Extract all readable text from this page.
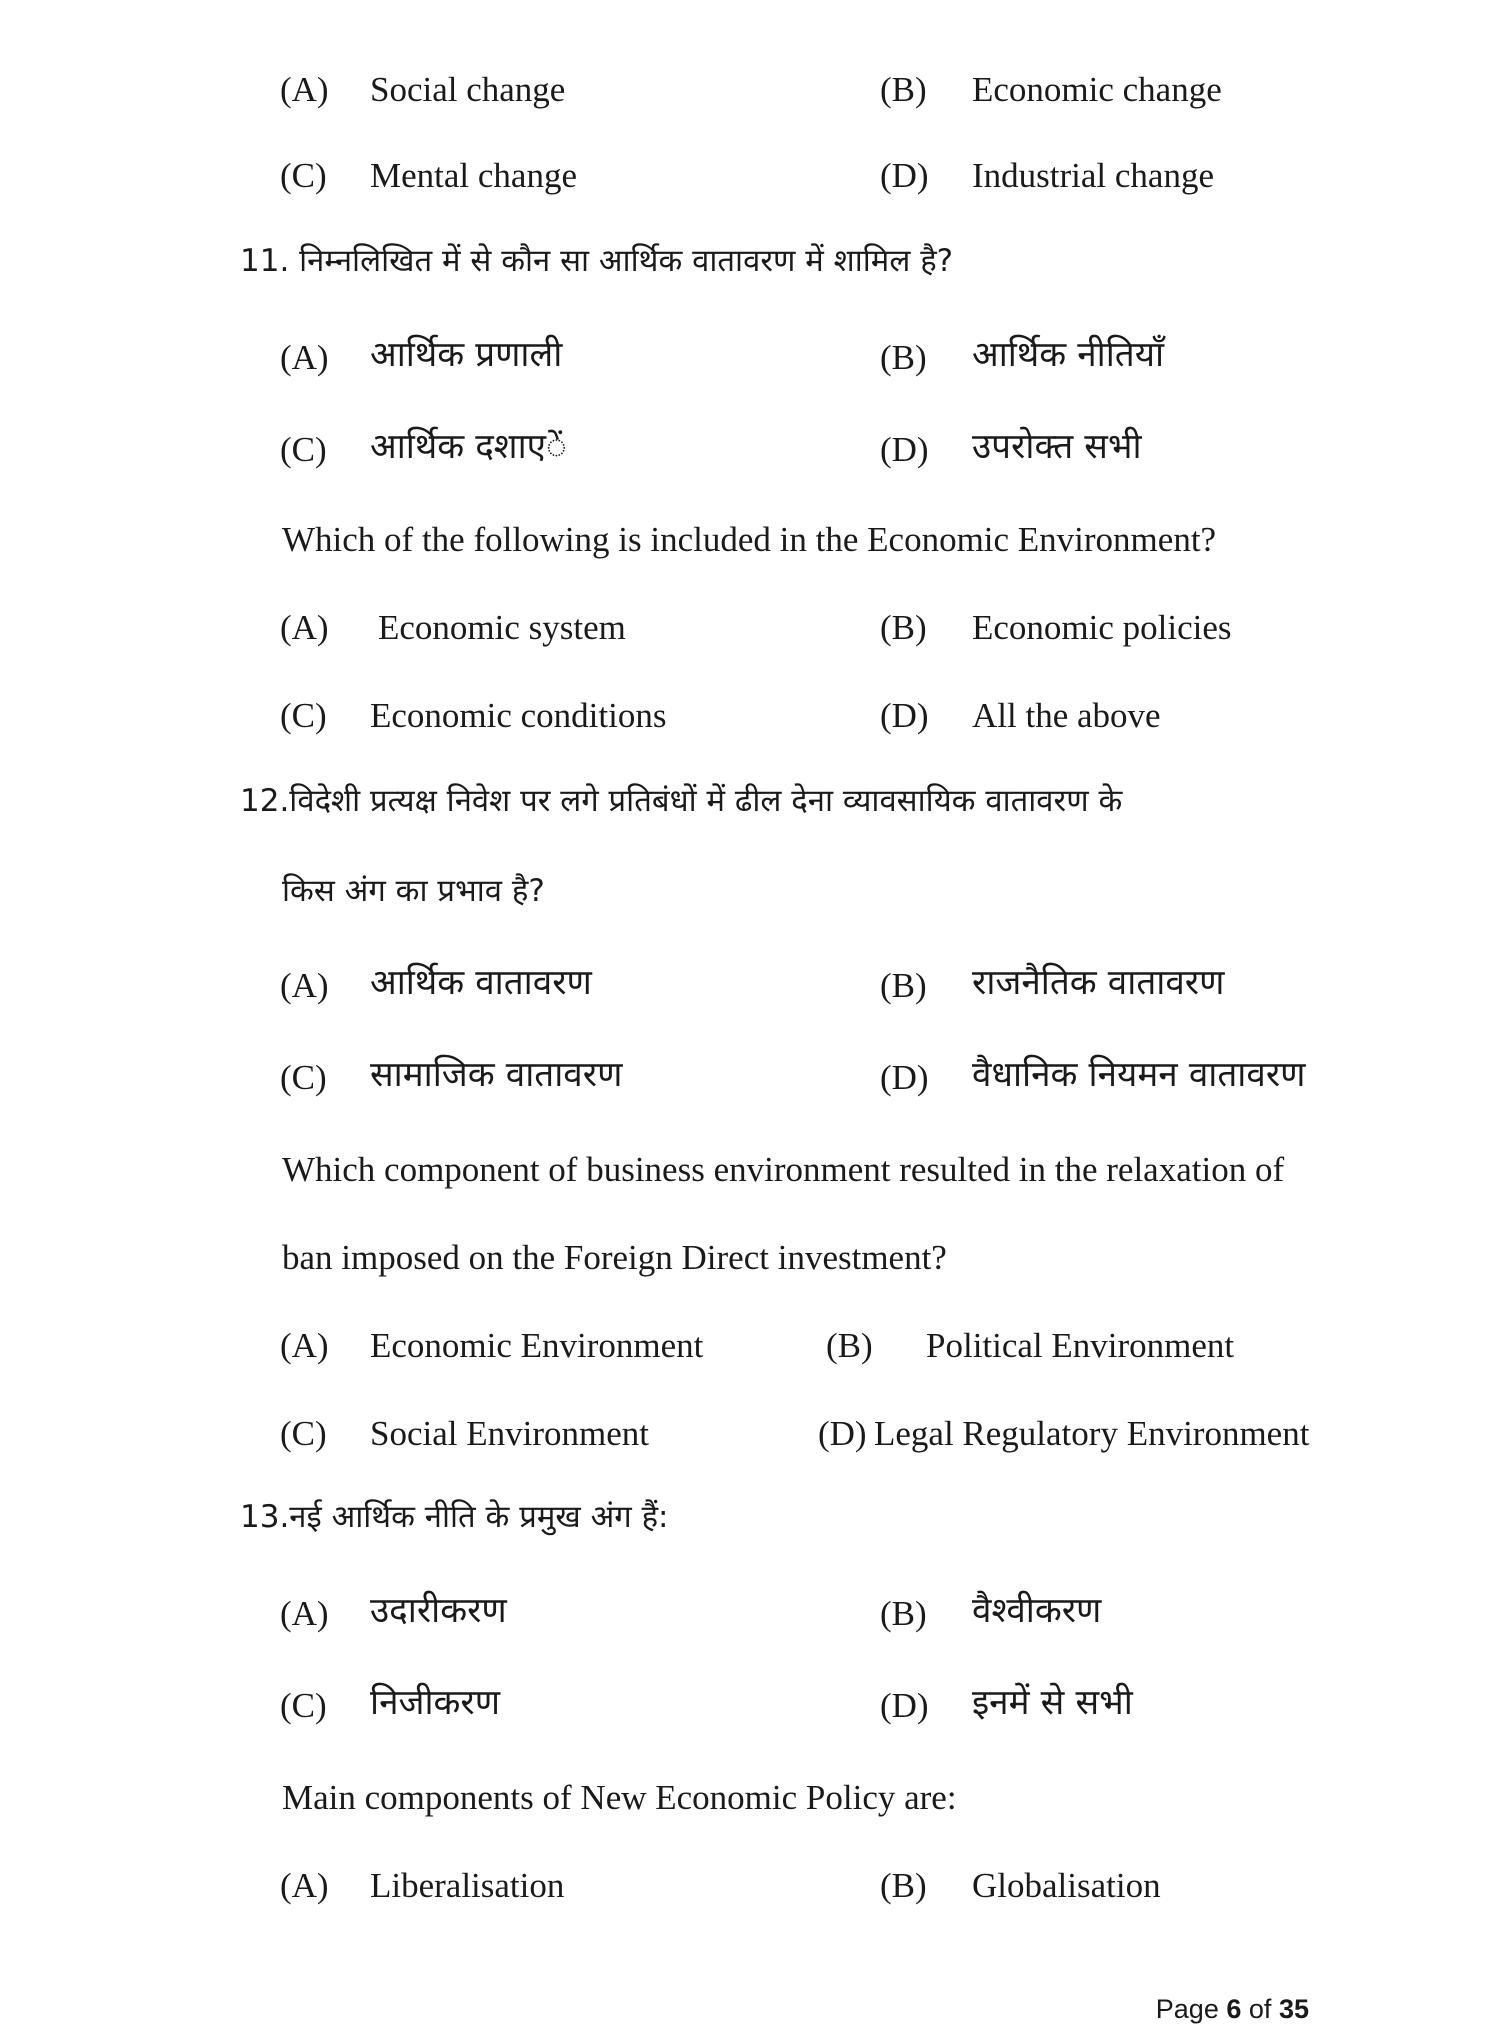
(A) Social change	(B) Economic change
(C) Mental change	(D) Industrial change
11. निम्नलिखित में से कौन सा आर्थिक वातावरण में शामिल है?
(A) आर्थिक प्रणाली	(B) आर्थिक नीतियाँ
(C) आर्थिक दशाएें	(D) उपरोक्त सभी
Which of the following is included in the Economic Environment?
(A) Economic system	(B) Economic policies
(C) Economic conditions	(D) All the above
12.विदेशी प्रत्यक्ष निवेश पर लगे प्रतिबंधों में ढील देना व्यावसायिक वातावरण के
किस अंग का प्रभाव है?
(A) आर्थिक वातावरण	(B) राजनैतिक वातावरण
(C) सामाजिक वातावरण	(D) वैधानिक नियमन वातावरण
Which component of business environment resulted in the relaxation of
ban imposed on the Foreign Direct investment?
(A) Economic Environment	(B) Political Environment
(C) Social Environment	(D) Legal Regulatory Environment
13.नई आर्थिक नीति के प्रमुख अंग हैं:
(A) उदारीकरण	(B) वैश्वीकरण
(C) निजीकरण	(D) इनमें से सभी
Main components of New Economic Policy are:
(A) Liberalisation	(B) Globalisation
Page 6 of 35
